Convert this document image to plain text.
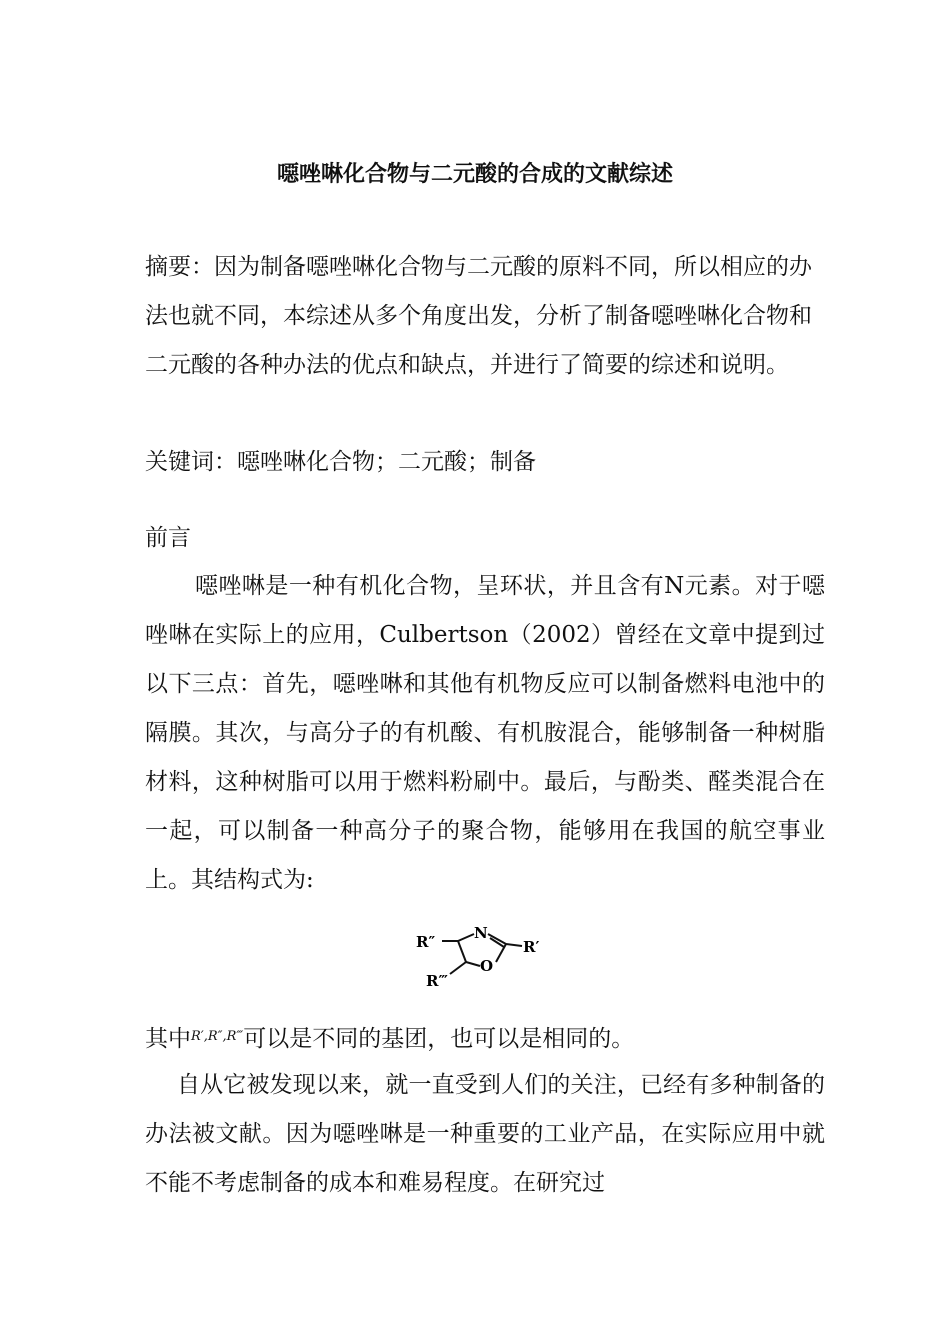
噁唑啉化合物与二元酸的合成的文献综述
摘要：因为制备噁唑啉化合物与二元酸的原料不同，所以相应的办法也就不同，本综述从多个角度出发，分析了制备噁唑啉化合物和二元酸的各种办法的优点和缺点，并进行了简要的综述和说明。
关键词：噁唑啉化合物；二元酸；制备
前言
噁唑啉是一种有机化合物，呈环状，并且含有N元素。对于噁唑啉在实际上的应用，Culbertson（2002）曾经在文章中提到过以下三点：首先，噁唑啉和其他有机物反应可以制备燃料电池中的隔膜。其次，与高分子的有机酸、有机胺混合，能够制备一种树脂材料，这种树脂可以用于燃料粉刷中。最后，与酚类、醛类混合在一起，可以制备一种高分子的聚合物，能够用在我国的航空事业上。其结构式为:
N
O
R′
R″
R‴
其中$^{R',R'',R‴}$可以是不同的基团，也可以是相同的。
自从它被发现以来，就一直受到人们的关注，已经有多种制备的办法被文献。因为噁唑啉是一种重要的工业产品，在实际应用中就不能不考虑制备的成本和难易程度。在研究过
